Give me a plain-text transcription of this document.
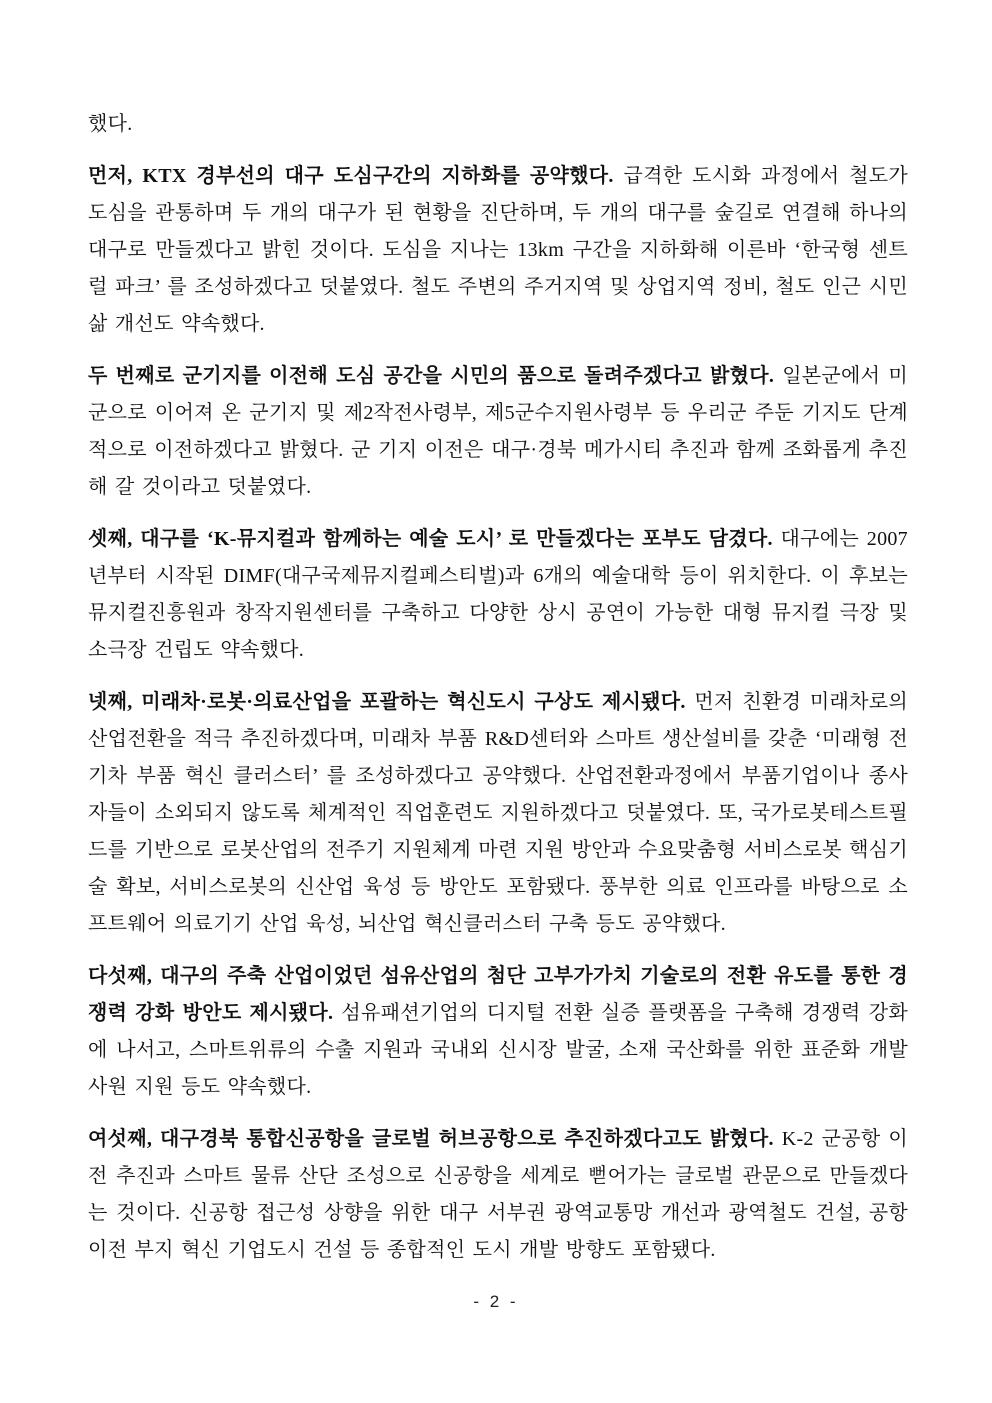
했다.

먼저, KTX 경부선의 대구 도심구간의 지하화를 공약했다. 급격한 도시화 과정에서 철도가 도심을 관통하며 두 개의 대구가 된 현황을 진단하며, 두 개의 대구를 숲길로 연결해 하나의 대구로 만들겠다고 밝힌 것이다. 도심을 지나는 13km 구간을 지하화해 이른바 ‘한국형 센트럴 파크’ 를 조성하겠다고 덧붙였다. 철도 주변의 주거지역 및 상업지역 정비, 철도 인근 시민 삶 개선도 약속했다.

두 번째로 군기지를 이전해 도심 공간을 시민의 품으로 돌려주겠다고 밝혔다. 일본군에서 미군으로 이어져 온 군기지 및 제2작전사령부, 제5군수지원사령부 등 우리군 주둔 기지도 단계적으로 이전하겠다고 밝혔다. 군 기지 이전은 대구·경북 메가시티 추진과 함께 조화롭게 추진해 갈 것이라고 덧붙였다.

셋째, 대구를 ‘K-뮤지컬과 함께하는 예술 도시’ 로 만들겠다는 포부도 담겼다. 대구에는 2007년부터 시작된 DIMF(대구국제뮤지컬페스티벌)과 6개의 예술대학 등이 위치한다. 이 후보는 뮤지컬진흥원과 창작지원센터를 구축하고 다양한 상시 공연이 가능한 대형 뮤지컬 극장 및 소극장 건립도 약속했다.

넷째, 미래차·로봇·의료산업을 포괄하는 혁신도시 구상도 제시됐다. 먼저 친환경 미래차로의 산업전환을 적극 추진하겠다며, 미래차 부품 R&D센터와 스마트 생산설비를 갖춘 ‘미래형 전기차 부품 혁신 클러스터’ 를 조성하겠다고 공약했다. 산업전환과정에서 부품기업이나 종사자들이 소외되지 않도록 체계적인 직업훈련도 지원하겠다고 덧붙였다. 또, 국가로봇테스트필드를 기반으로 로봇산업의 전주기 지원체계 마련 지원 방안과 수요맞춤형 서비스로봇 핵심기술 확보, 서비스로봇의 신산업 육성 등 방안도 포함됐다. 풍부한 의료 인프라를 바탕으로 소프트웨어 의료기기 산업 육성, 뇌산업 혁신클러스터 구축 등도 공약했다.

다섯째, 대구의 주축 산업이었던 섬유산업의 첨단 고부가가치 기술로의 전환 유도를 통한 경쟁력 강화 방안도 제시됐다. 섬유패션기업의 디지털 전환 실증 플랫폼을 구축해 경쟁력 강화에 나서고, 스마트위류의 수출 지원과 국내외 신시장 발굴, 소재 국산화를 위한 표준화 개발사원 지원 등도 약속했다.

여섯째, 대구경북 통합신공항을 글로벌 허브공항으로 추진하겠다고도 밝혔다. K-2 군공항 이전 추진과 스마트 물류 산단 조성으로 신공항을 세계로 뻗어가는 글로벌 관문으로 만들겠다는 것이다. 신공항 접근성 상향을 위한 대구 서부권 광역교통망 개선과 광역철도 건설, 공항 이전 부지 혁신 기업도시 건설 등 종합적인 도시 개발 방향도 포함됐다.

- 2 -
